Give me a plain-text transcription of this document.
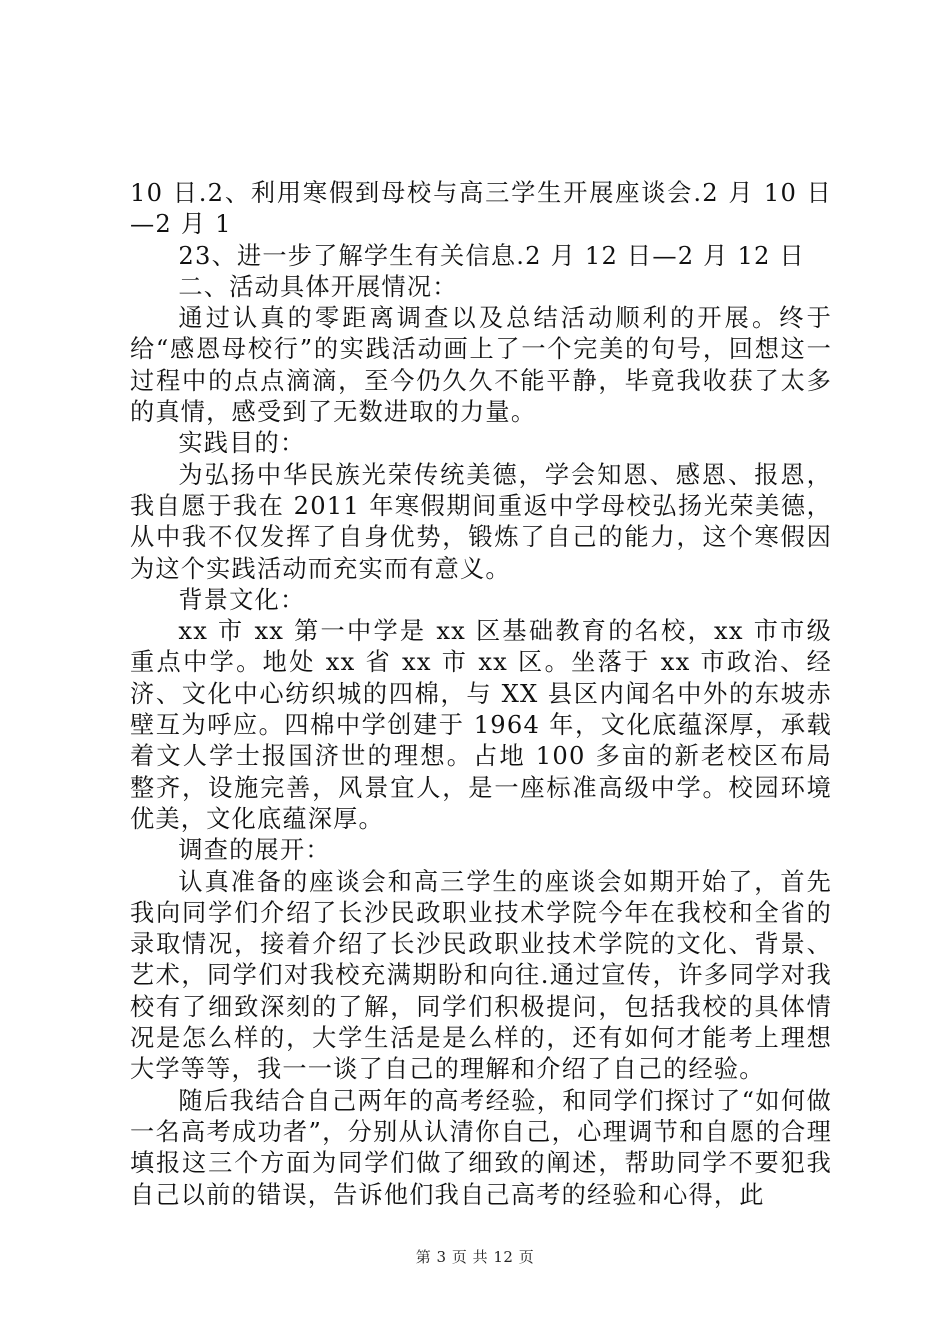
10 日.2、利用寒假到母校与高三学生开展座谈会.2 月 10 日—2 月 1

23、进一步了解学生有关信息.2 月 12 日—2 月 12 日

二、活动具体开展情况：

通过认真的零距离调查以及总结活动顺利的开展。终于给“感恩母校行”的实践活动画上了一个完美的句号，回想这一过程中的点点滴滴，至今仍久久不能平静，毕竟我收获了太多的真情，感受到了无数进取的力量。

实践目的：

为弘扬中华民族光荣传统美德，学会知恩、感恩、报恩，我自愿于我在 2011 年寒假期间重返中学母校弘扬光荣美德，从中我不仅发挥了自身优势，锻炼了自己的能力，这个寒假因为这个实践活动而充实而有意义。

背景文化：

xx 市 xx 第一中学是 xx 区基础教育的名校，xx 市市级重点中学。地处 xx 省 xx 市 xx 区。坐落于 xx 市政治、经济、文化中心纺织城的四棉，与 XX 县区内闻名中外的东坡赤壁互为呼应。四棉中学创建于 1964 年，文化底蕴深厚，承载着文人学士报国济世的理想。占地 100 多亩的新老校区布局整齐，设施完善，风景宜人，是一座标准高级中学。校园环境优美，文化底蕴深厚。

调查的展开：

认真准备的座谈会和高三学生的座谈会如期开始了，首先我向同学们介绍了长沙民政职业技术学院今年在我校和全省的录取情况，接着介绍了长沙民政职业技术学院的文化、背景、艺术，同学们对我校充满期盼和向往.通过宣传，许多同学对我校有了细致深刻的了解，同学们积极提问，包括我校的具体情况是怎么样的，大学生活是是么样的，还有如何才能考上理想大学等等，我一一谈了自己的理解和介绍了自己的经验。

随后我结合自己两年的高考经验，和同学们探讨了“如何做一名高考成功者”，分别从认清你自己，心理调节和自愿的合理填报这三个方面为同学们做了细致的阐述，帮助同学不要犯我自己以前的错误，告诉他们我自己高考的经验和心得，此

第 3 页 共 12 页
